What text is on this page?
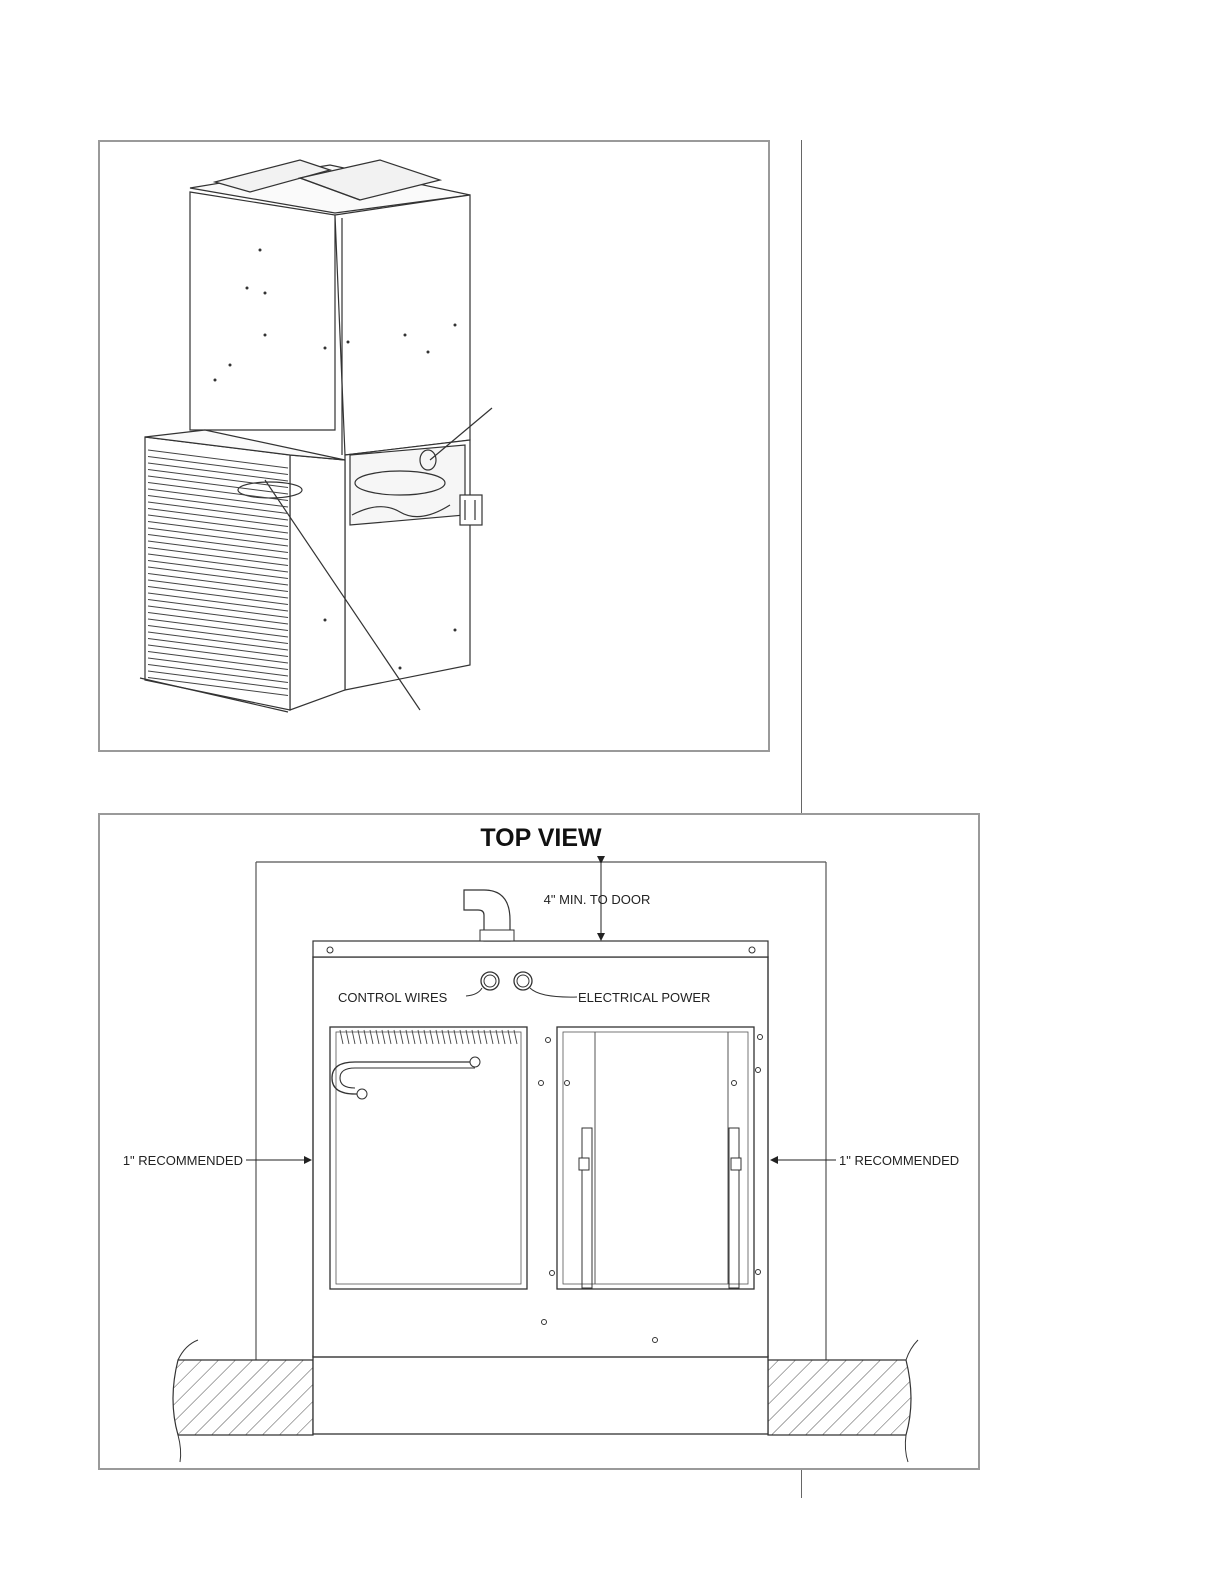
TOP VIEW
4" MIN. TO DOOR
CONTROL WIRES	ELECTRICAL POWER
1" RECOMMENDED	1" RECOMMENDED
